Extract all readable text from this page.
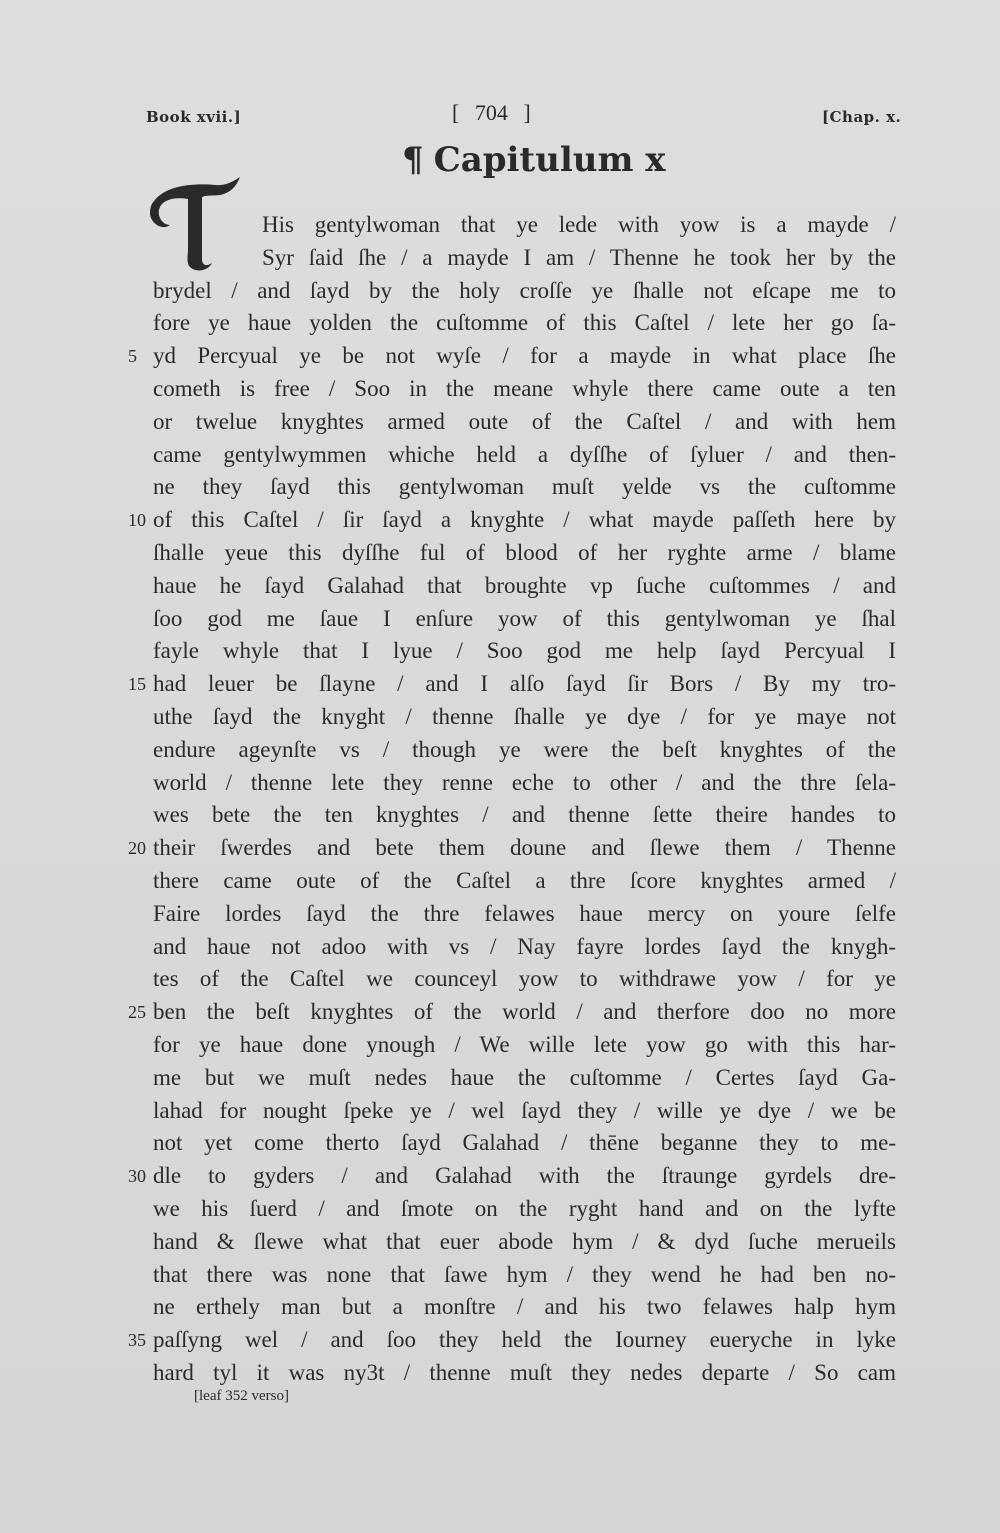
Book xvii.]	[ 704 ]	[Chap. x.
¶ Capitulum x
T
His gentylwoman that ye lede with yow is a mayde /
Syr ſaid ſhe / a mayde I am / Thenne he took her by the
brydel / and ſayd by the holy croſſe ye ſhalle not eſcape me to
fore ye haue yolden the cuſtomme of this Caſtel / lete her go ſa-
yd Percyual ye be not wyſe / for a mayde in what place ſhe
5
cometh is free / Soo in the meane whyle there came oute a ten
or twelue knyghtes armed oute of the Caſtel / and with hem
came gentylwymmen whiche held a dyſſhe of ſyluer / and then-
ne they ſayd this gentylwoman muſt yelde vs the cuſtomme
of this Caſtel / ſir ſayd a knyghte / what mayde paſſeth here by
10
ſhalle yeue this dyſſhe ful of blood of her ryghte arme / blame
haue he ſayd Galahad that broughte vp ſuche cuſtommes / and
ſoo god me ſaue I enſure yow of this gentylwoman ye ſhal
fayle whyle that I lyue / Soo god me help ſayd Percyual I
had leuer be ſlayne / and I alſo ſayd ſir Bors / By my tro-
15
uthe ſayd the knyght / thenne ſhalle ye dye / for ye maye not
endure ageynſte vs / though ye were the beſt knyghtes of the
world / thenne lete they renne eche to other / and the thre ſela-
wes bete the ten knyghtes / and thenne ſette theire handes to
their ſwerdes and bete them doune and ſlewe them / Thenne
20
there came oute of the Caſtel a thre ſcore knyghtes armed /
Faire lordes ſayd the thre felawes haue mercy on youre ſelfe
and haue not adoo with vs / Nay fayre lordes ſayd the knygh-
tes of the Caſtel we counceyl yow to withdrawe yow / for ye
ben the beſt knyghtes of the world / and therfore doo no more
25
for ye haue done ynough / We wille lete yow go with this har-
me but we muſt nedes haue the cuſtomme / Certes ſayd Ga-
lahad for nought ſpeke ye / wel ſayd they / wille ye dye / we be
not yet come therto ſayd Galahad / thēne beganne they to me-
dle to gyders / and Galahad with the ſtraunge gyrdels dre-
30
we his ſuerd / and ſmote on the ryght hand and on the lyfte
hand & ſlewe what that euer abode hym / & dyd ſuche merueils
that there was none that ſawe hym / they wend he had ben no-
ne erthely man but a monſtre / and his two felawes halp hym
paſſyng wel / and ſoo they held the Iourney eueryche in lyke
35
hard tyl it was ny3t / thenne muſt they nedes departe / So cam
[leaf 352 verso]
